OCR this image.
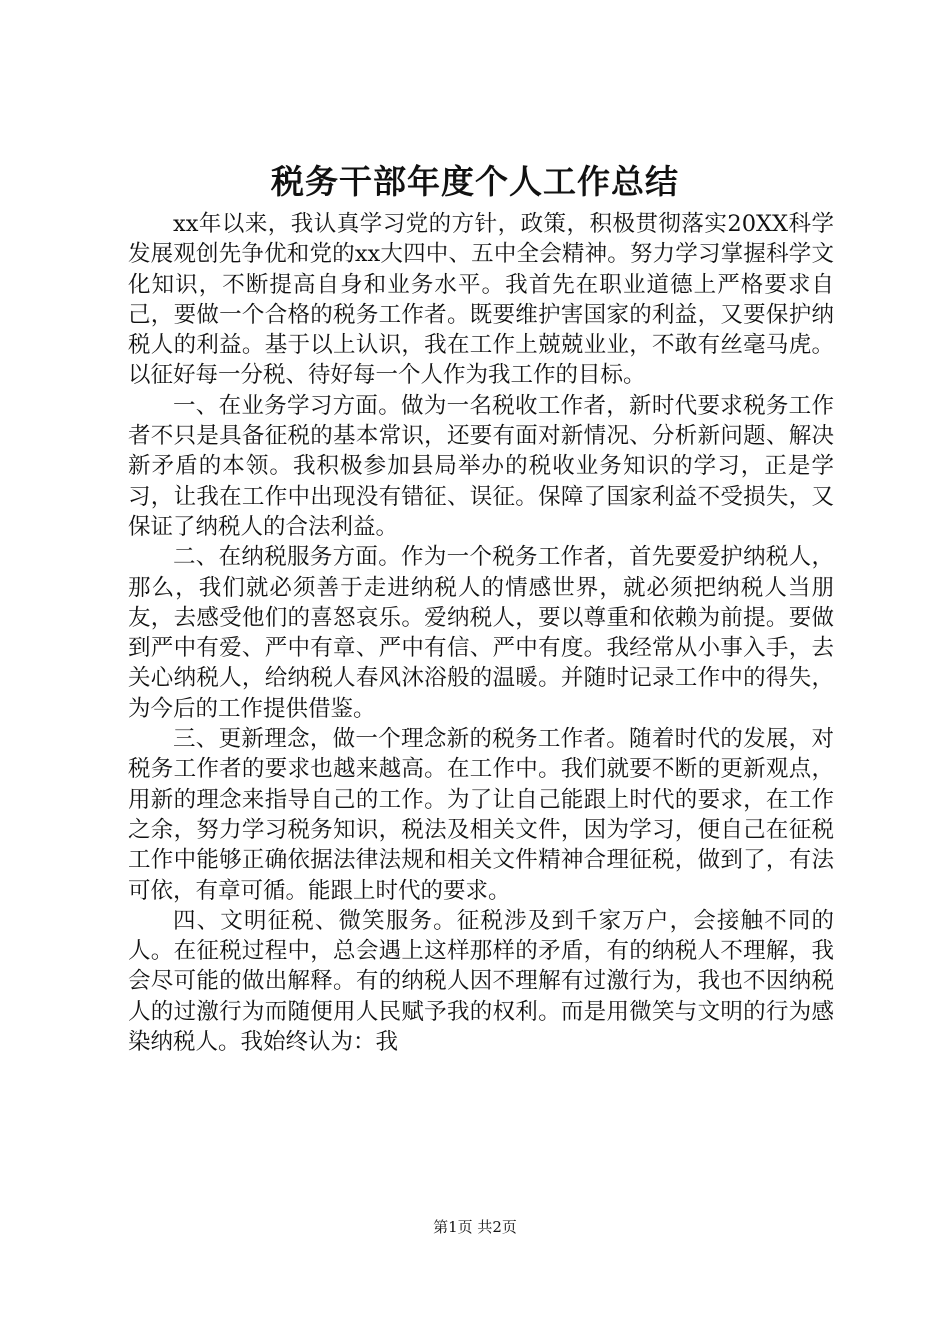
税务干部年度个人工作总结

xx年以来，我认真学习党的方针，政策，积极贯彻落实20XX科学发展观创先争优和党的xx大四中、五中全会精神。努力学习掌握科学文化知识，不断提高自身和业务水平。我首先在职业道德上严格要求自己，要做一个合格的税务工作者。既要维护害国家的利益，又要保护纳税人的利益。基于以上认识，我在工作上兢兢业业，不敢有丝毫马虎。以征好每一分税、待好每一个人作为我工作的目标。

一、在业务学习方面。做为一名税收工作者，新时代要求税务工作者不只是具备征税的基本常识，还要有面对新情况、分析新问题、解决新矛盾的本领。我积极参加县局举办的税收业务知识的学习，正是学习，让我在工作中出现没有错征、误征。保障了国家利益不受损失，又保证了纳税人的合法利益。

二、在纳税服务方面。作为一个税务工作者，首先要爱护纳税人，那么，我们就必须善于走进纳税人的情感世界，就必须把纳税人当朋友，去感受他们的喜怒哀乐。爱纳税人，要以尊重和依赖为前提。要做到严中有爱、严中有章、严中有信、严中有度。我经常从小事入手，去关心纳税人，给纳税人春风沐浴般的温暖。并随时记录工作中的得失，为今后的工作提供借鉴。

三、更新理念，做一个理念新的税务工作者。随着时代的发展，对税务工作者的要求也越来越高。在工作中。我们就要不断的更新观点，用新的理念来指导自己的工作。为了让自己能跟上时代的要求，在工作之余，努力学习税务知识，税法及相关文件，因为学习，便自己在征税工作中能够正确依据法律法规和相关文件精神合理征税，做到了，有法可依，有章可循。能跟上时代的要求。

四、文明征税、微笑服务。征税涉及到千家万户，会接触不同的人。在征税过程中，总会遇上这样那样的矛盾，有的纳税人不理解，我会尽可能的做出解释。有的纳税人因不理解有过激行为，我也不因纳税人的过激行为而随便用人民赋予我的权利。而是用微笑与文明的行为感染纳税人。我始终认为：我

第1页 共2页
